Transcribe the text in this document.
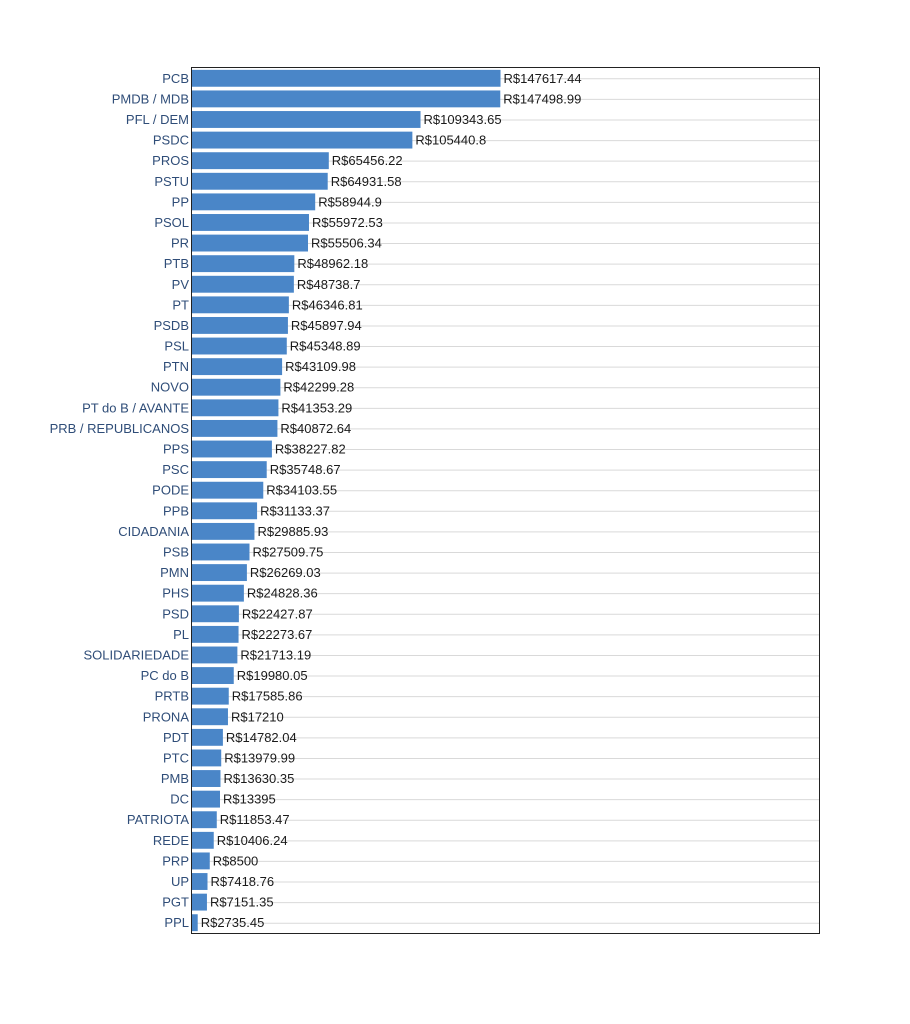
PCB
PMDB / MDB
PFL / DEM
PSDC
PROS
PSTU
PP
PSOL
PR
PTB
PV
PT
PSDB
PSL
PTN
NOVO
PT do B / AVANTE
PRB / REPUBLICANOS
PPS
PSC
PODE
PPB
CIDADANIA
PSB
PMN
PHS
PSD
PL
SOLIDARIEDADE
PC do B
PRTB
PRONA
PDT
PTC
PMB
DC
PATRIOTA
REDE
PRP
UP
PGT
PPL
R$147617.44
R$147498.99
R$109343.65
R$105440.8
R$65456.22
R$64931.58
R$58944.9
R$55972.53
R$55506.34
R$48962.18
R$48738.7
R$46346.81
R$45897.94
R$45348.89
R$43109.98
R$42299.28
R$41353.29
R$40872.64
R$38227.82
R$35748.67
R$34103.55
R$31133.37
R$29885.93
R$27509.75
R$26269.03
R$24828.36
R$22427.87
R$22273.67
R$21713.19
R$19980.05
R$17585.86
R$17210
R$14782.04
R$13979.99
R$13630.35
R$13395
R$11853.47
R$10406.24
R$8500
R$7418.76
R$7151.35
R$2735.45
